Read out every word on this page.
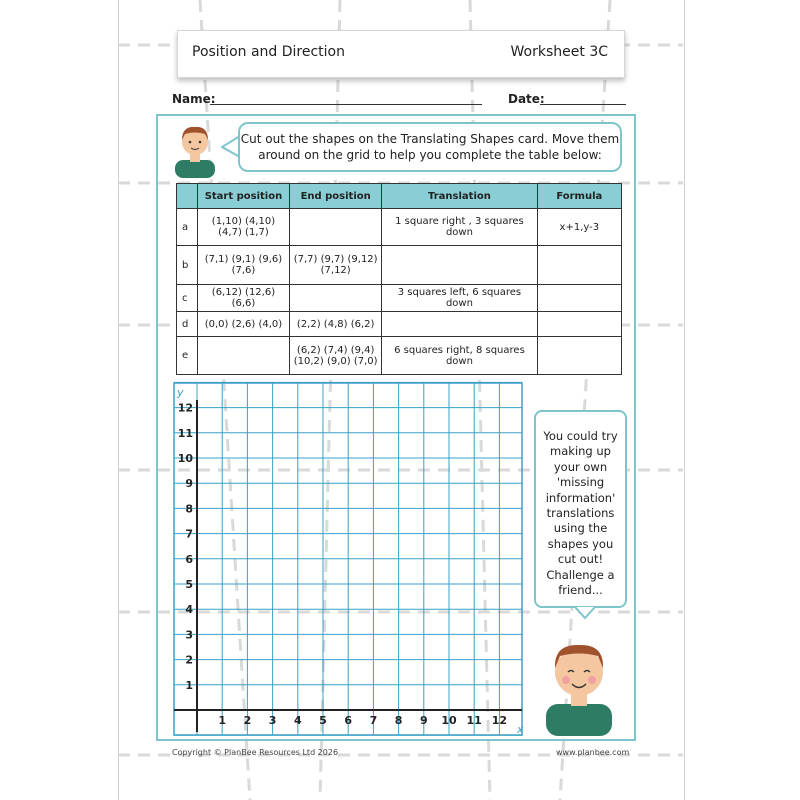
Position and Direction	Worksheet 3C
Name:	Date:
Cut out the shapes on the Translating Shapes card. Move them around on the grid to help you complete the table below:
	Start position	End position	Translation	Formula
a	(1,10) (4,10) (4,7) (1,7)		1 square right , 3 squares down	x+1,y-3
b	(7,1) (9,1) (9,6) (7,6)	(7,7) (9,7) (9,12) (7,12)		
c	(6,12) (12,6) (6,6)		3 squares left, 6 squares down	
d	(0,0) (2,6) (4,0)	(2,2) (4,8) (6,2)		
e		(6,2) (7,4) (9,4) (10,2) (9,0) (7,0)	6 squares right, 8 squares down	
1 2 3 4 5 6 7 8 9 10 11 12
1
2
3
4
5
6
7
8
9
10
11
12
x
y
You could try making up your own 'missing information' translations using the shapes you cut out! Challenge a friend...
Copyright © PlanBee Resources Ltd 2026	www.planbee.com
